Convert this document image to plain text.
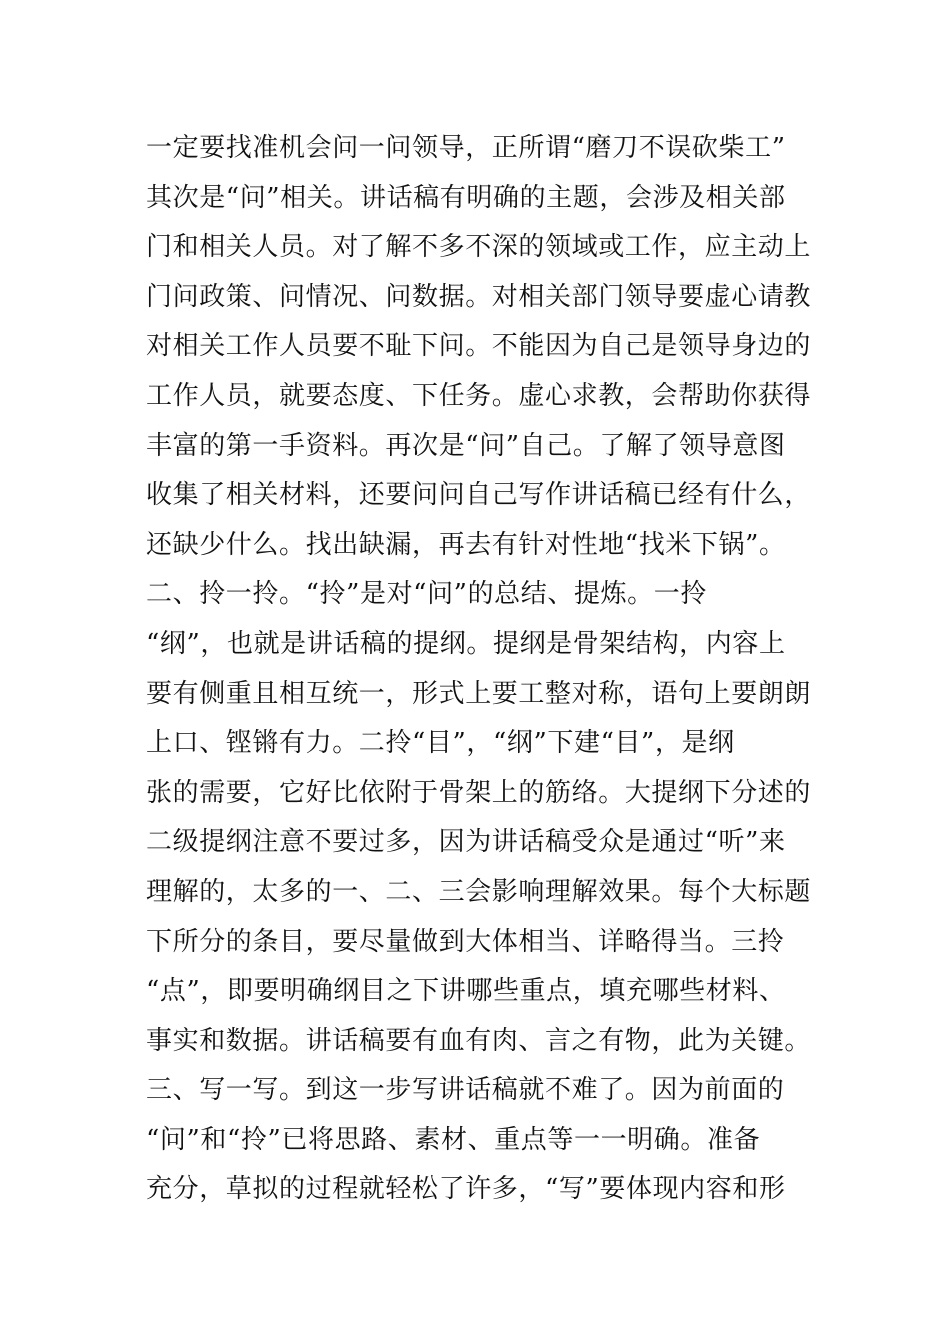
一定要找准机会问一问领导，正所谓“磨刀不误砍柴工”
其次是“问”相关。讲话稿有明确的主题，会涉及相关部
门和相关人员。对了解不多不深的领域或工作，应主动上
门问政策、问情况、问数据。对相关部门领导要虚心请教
对相关工作人员要不耻下问。不能因为自己是领导身边的
工作人员，就要态度、下任务。虚心求教，会帮助你获得
丰富的第一手资料。再次是“问”自己。了解了领导意图
收集了相关材料，还要问问自己写作讲话稿已经有什么，
还缺少什么。找出缺漏，再去有针对性地“找米下锅”。
二、拎一拎。“拎”是对“问”的总结、提炼。一拎
“纲”，也就是讲话稿的提纲。提纲是骨架结构，内容上
要有侧重且相互统一，形式上要工整对称，语句上要朗朗
上口、铿锵有力。二拎“目”，“纲”下建“目”，是纲
张的需要，它好比依附于骨架上的筋络。大提纲下分述的
二级提纲注意不要过多，因为讲话稿受众是通过“听”来
理解的，太多的一、二、三会影响理解效果。每个大标题
下所分的条目，要尽量做到大体相当、详略得当。三拎
“点”，即要明确纲目之下讲哪些重点，填充哪些材料、
事实和数据。讲话稿要有血有肉、言之有物，此为关键。
三、写一写。到这一步写讲话稿就不难了。因为前面的
“问”和“拎”已将思路、素材、重点等一一明确。准备
充分，草拟的过程就轻松了许多，“写”要体现内容和形
